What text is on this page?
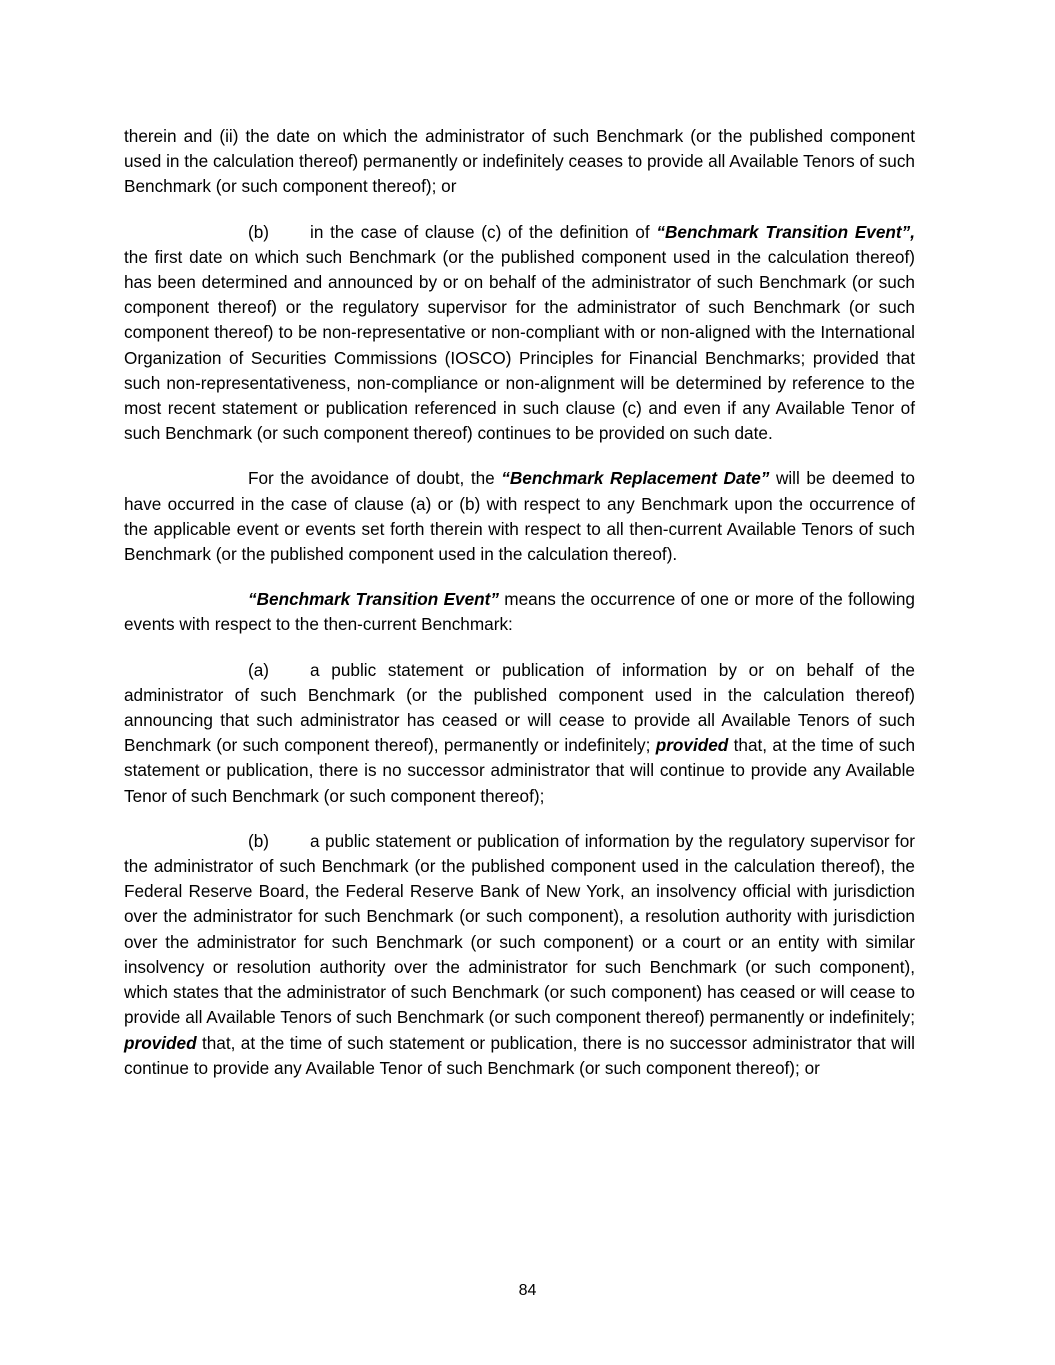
therein and (ii) the date on which the administrator of such Benchmark (or the published component used in the calculation thereof) permanently or indefinitely ceases to provide all Available Tenors of such Benchmark (or such component thereof); or

(b) in the case of clause (c) of the definition of “Benchmark Transition Event”, the first date on which such Benchmark (or the published component used in the calculation thereof) has been determined and announced by or on behalf of the administrator of such Benchmark (or such component thereof) or the regulatory supervisor for the administrator of such Benchmark (or such component thereof) to be non-representative or non-compliant with or non-aligned with the International Organization of Securities Commissions (IOSCO) Principles for Financial Benchmarks; provided that such non-representativeness, non-compliance or non-alignment will be determined by reference to the most recent statement or publication referenced in such clause (c) and even if any Available Tenor of such Benchmark (or such component thereof) continues to be provided on such date.

For the avoidance of doubt, the “Benchmark Replacement Date” will be deemed to have occurred in the case of clause (a) or (b) with respect to any Benchmark upon the occurrence of the applicable event or events set forth therein with respect to all then-current Available Tenors of such Benchmark (or the published component used in the calculation thereof).

“Benchmark Transition Event” means the occurrence of one or more of the following events with respect to the then-current Benchmark:

(a) a public statement or publication of information by or on behalf of the administrator of such Benchmark (or the published component used in the calculation thereof) announcing that such administrator has ceased or will cease to provide all Available Tenors of such Benchmark (or such component thereof), permanently or indefinitely; provided that, at the time of such statement or publication, there is no successor administrator that will continue to provide any Available Tenor of such Benchmark (or such component thereof);

(b) a public statement or publication of information by the regulatory supervisor for the administrator of such Benchmark (or the published component used in the calculation thereof), the Federal Reserve Board, the Federal Reserve Bank of New York, an insolvency official with jurisdiction over the administrator for such Benchmark (or such component), a resolution authority with jurisdiction over the administrator for such Benchmark (or such component) or a court or an entity with similar insolvency or resolution authority over the administrator for such Benchmark (or such component), which states that the administrator of such Benchmark (or such component) has ceased or will cease to provide all Available Tenors of such Benchmark (or such component thereof) permanently or indefinitely; provided that, at the time of such statement or publication, there is no successor administrator that will continue to provide any Available Tenor of such Benchmark (or such component thereof); or

84
